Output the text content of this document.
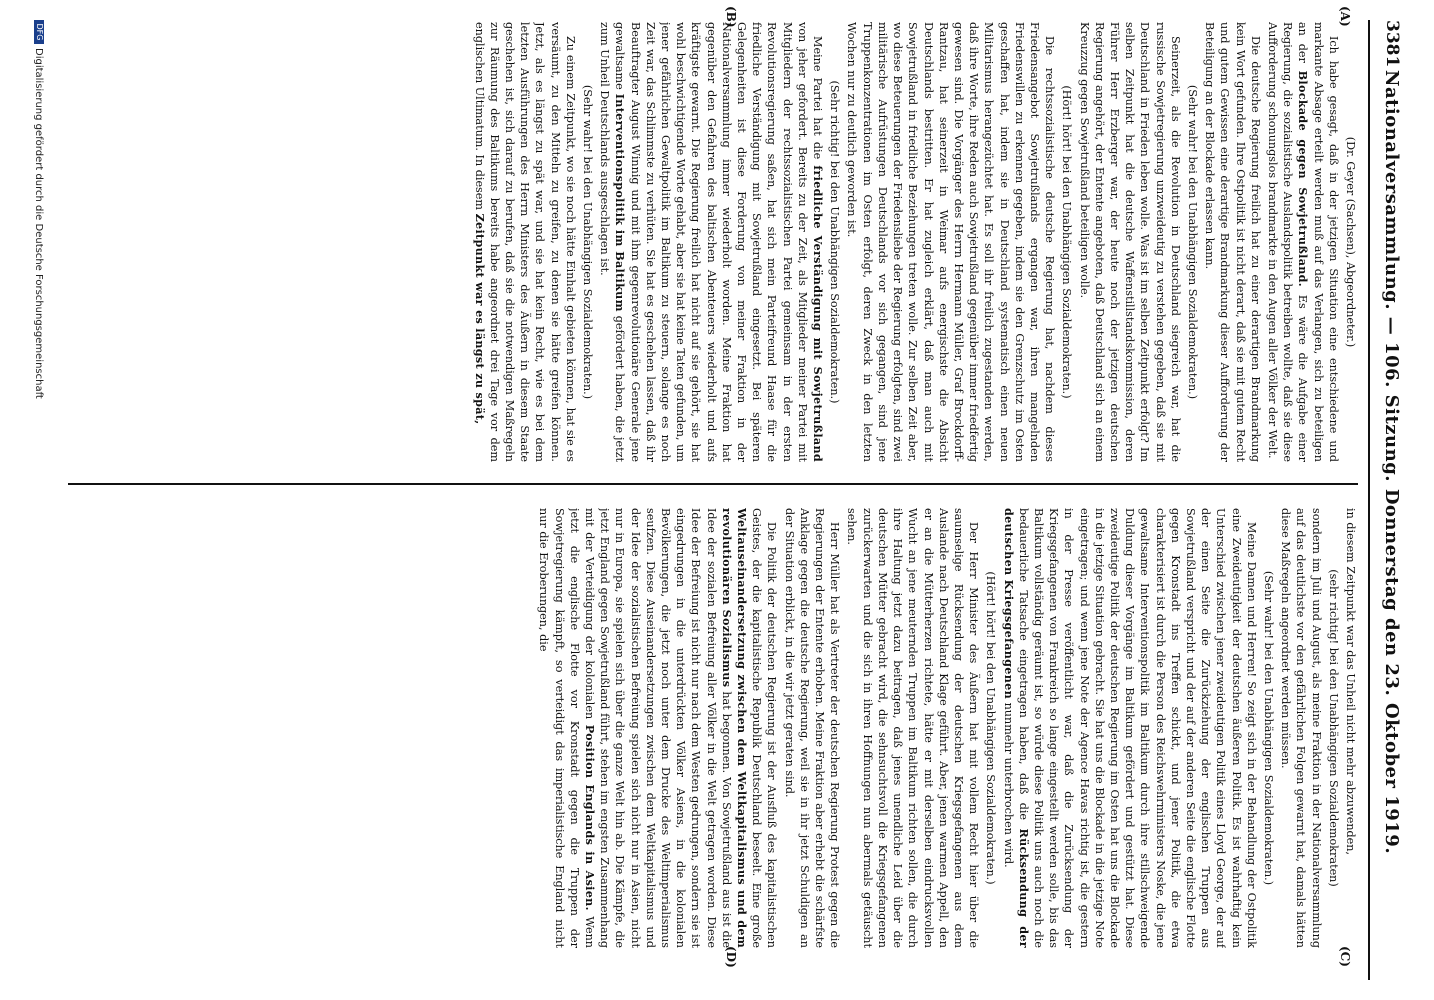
3381
Nationalversammlung. — 106. Sitzung. Donnerstag den 23. Oktober 1919.
(A)
(B)
(C)
(D)

(Dr. Geyer (Sachsen), Abgeordneter.)

Ich habe gesagt, daß in der jetzigen Situation eine entschiedene und markante Absage erteilt werden muß auf das Verlangen, sich zu beteiligen an der Blockade gegen Sowjetrußland. Es wäre die Aufgabe einer Regierung, die sozialistische Auslandspolitik betreiben wollte, daß sie diese Aufforderung schonungslos brandmarkte in den Augen aller Völker der Welt.

Die deutsche Regierung freilich hat zu einer derartigen Brandmarkung kein Wort gefunden. Ihre Ostpolitik ist nicht derart, daß sie mit gutem Recht und gutem Gewissen eine derartige Brandmarkung dieser Aufforderung der Beteiligung an der Blockade erlassen kann.

(Sehr wahr! bei den Unabhängigen Sozialdemokraten.)

Seinerzeit, als die Revolution in Deutschland siegreich war, hat die russische Sowjetregierung unzweideutig zu verstehen gegeben, daß sie mit Deutschland in Frieden leben wolle. Was ist im selben Zeitpunkt erfolgt? Im selben Zeitpunkt hat die deutsche Waffenstillstandskommission, deren Führer Herr Erzberger war, der heute noch der jetzigen deutschen Regierung angehört, der Entente angeboten, daß Deutschland sich an einem Kreuzzug gegen Sowjetrußland beteiligen wolle.

(Hört! hört! bei den Unabhängigen Sozialdemokraten.)

Die rechtssozialistische deutsche Regierung hat, nachdem dieses Friedensangebot Sowjetrußlands ergangen war, ihren mangelnden Friedenswillen zu erkennen gegeben, indem sie den Grenzschutz im Osten geschaffen hat, indem sie in Deutschland systematisch einen neuen Militarismus herangezüchtet hat. Es soll ihr freilich zugestanden werden, daß ihre Worte, ihre Reden auch Sowjetrußland gegenüber immer friedfertig gewesen sind. Die Vorgänger des Herrn Hermann Müller, Graf Brockdorff-Rantzau, hat seinerzeit in Weimar aufs energischste die Absicht Deutschlands bestritten. Er hat zugleich erklärt, daß man auch mit Sowjetrußland in friedliche Beziehungen treten wolle. Zur selben Zeit aber, wo diese Beteuerungen der Friedensliebe der Regierung erfolgten, sind zwei militärische Aufrüstungen Deutschlands vor sich gegangen, sind jene Truppenkonzentrationen im Osten erfolgt, deren Zweck in den letzten Wochen nur zu deutlich geworden ist.

(Sehr richtig! bei den Unabhängigen Sozialdemokraten.)

Meine Partei hat die friedliche Verständigung mit Sowjetrußland von jeher gefordert. Bereits zu der Zeit, als Mitglieder meiner Partei mit Mitgliedern der rechtssozialistischen Partei gemeinsam in der ersten Revolutionsregierung saßen, hat sich mein Parteifreund Haase für die friedliche Verständigung mit Sowjetrußland eingesetzt. Bei späteren Gelegenheiten ist diese Forderung von meiner Fraktion in der Nationalversammlung immer wiederholt worden. Meine Fraktion hat gegenüber den Gefahren des baltischen Abenteuers wiederholt und aufs kräftigste gewarnt. Die Regierung freilich hat nicht auf sie gehört, sie hat wohl beschwichtigende Worte gehabt, aber sie hat keine Taten gefunden, um jener gefährlichen Gewaltpolitik im Baltikum zu steuern, solange es noch Zeit war, das Schlimmste zu verhüten. Sie hat es geschehen lassen, daß ihr Beauftragter August Winnig und mit ihm gegenrevolutionäre Generale jene gewaltsame Interventionspolitik im Baltikum gefördert haben, die jetzt zum Unheil Deutschlands ausgeschlagen ist.

(Sehr wahr! bei den Unabhängigen Sozialdemokraten.)

Zu einem Zeitpunkt, wo sie noch hätte Einhalt gebieten können, hat sie es versäumt, zu den Mitteln zu greifen, zu denen sie hätte greifen können. Jetzt, als es längst zu spät war, und sie hat kein Recht, wie es bei dem letzten Ausführungen des Herrn Ministers des Äußern in diesem Staate geschehen ist, sich darauf zu berufen, daß sie die notwendigen Maßregeln zur Räumung des Baltikums bereits habe angeordnet drei Tage vor dem englischen Ultimatum. In diesem Zeitpunkt war es längst zu spät,

in diesem Zeitpunkt war das Unheil nicht mehr abzuwenden,

(sehr richtig! bei den Unabhängigen Sozialdemokraten)

sondern im Juli und August, als meine Fraktion in der Nationalversammlung auf das deutlichste vor den gefährlichen Folgen gewarnt hat, damals hätten diese Maßregeln angeordnet werden müssen.

(Sehr wahr! bei den Unabhängigen Sozialdemokraten.)

Meine Damen und Herren! So zeigt sich in der Behandlung der Ostpolitik eine Zweideutigkeit der deutschen äußeren Politik. Es ist wahrhaftig kein Unterschied zwischen jener zweideutigen Politik eines Lloyd George, der auf der einen Seite die Zurückziehung der englischen Truppen aus Sowjetrußland verspricht und der auf der anderen Seite die englische Flotte gegen Kronstadt ins Treffen schickt, und jener Politik, die etwa charakterisiert ist durch die Person des Reichswehrministers Noske, die jene gewaltsame Interventionspolitik im Baltikum durch ihre stillschweigende Duldung dieser Vorgänge im Baltikum gefördert und gestützt hat. Diese zweideutige Politik der deutschen Regierung im Osten hat uns die Blockade in die jetzige Situation gebracht. Sie hat uns die Blockade in die jetzige Note eingetragen; und wenn jene Note der Agence Havas richtig ist, die gestern in der Presse veröffentlicht war, daß die Zurücksendung der Kriegsgefangenen von Frankreich so lange eingestellt werden solle, bis das Baltikum vollständig geräumt ist, so würde diese Politik uns auch noch die bedauerliche Tatsache eingetragen haben, daß die Rücksendung der deutschen Kriegsgefangenen nunmehr unterbrochen wird.

(Hört! hört! bei den Unabhängigen Sozialdemokraten.)

Der Herr Minister des Äußern hat mit vollem Recht hier über die saumselige Rücksendung der deutschen Kriegsgefangenen aus dem Auslande nach Deutschland Klage geführt. Aber, jenen warmen Appell, den er an die Mütterherzen richtete, hätte er mit derselben eindrucksvollen Wucht an jene meuternden Truppen im Baltikum richten sollen, die durch ihre Haltung jetzt dazu beitragen, daß jenes unendliche Leid über die deutschen Mütter gebracht wird, die sehnsuchtsvoll die Kriegsgefangenen zurückerwarten und die sich in ihren Hoffnungen nun abermals getäuscht sehen.

Herr Müller hat als Vertreter der deutschen Regierung Protest gegen die Regierungen der Entente erhoben. Meine Fraktion aber erhebt die schärfste Anklage gegen die deutsche Regierung, weil sie in ihr jetzt Schuldigen an der Situation erblickt, in die wir jetzt geraten sind.

Die Politik der deutschen Regierung ist der Ausfluß des kapitalistischen Geistes, der die kapitalistische Republik Deutschland beseelt. Eine große Weltauseinandersetzung zwischen dem Weltkapitalismus und dem revolutionären Sozialismus hat begonnen. Von Sowjetrußland aus ist die Idee der sozialen Befreiung aller Völker in die Welt getragen worden. Diese Idee der Befreiung ist nicht nur nach dem Westen gedrungen, sondern sie ist eingedrungen in die unterdrückten Völker Asiens, in die kolonialen Bevölkerungen, die jetzt noch unter dem Drucke des Weltimperialismus seufzen. Diese Auseinandersetzungen zwischen dem Weltkapitalismus und der Idee der sozialistischen Befreiung spielen sich nicht nur in Asien, nicht nur in Europa, sie spielen sich über die ganze Welt hin ab. Die Kämpfe, die jetzt England gegen Sowjetrußland führt, stehen im engsten Zusammenhang mit der Verteidigung der kolonialen Position Englands in Asien. Wenn jetzt die englische Flotte vor Kronstadt gegen die Truppen der Sowjetregierung kämpft, so verteidigt das imperialistische England nicht nur die Eroberungen, die

DFGDigitalisierung gefördert durch die Deutsche Forschungsgemeinschaft
